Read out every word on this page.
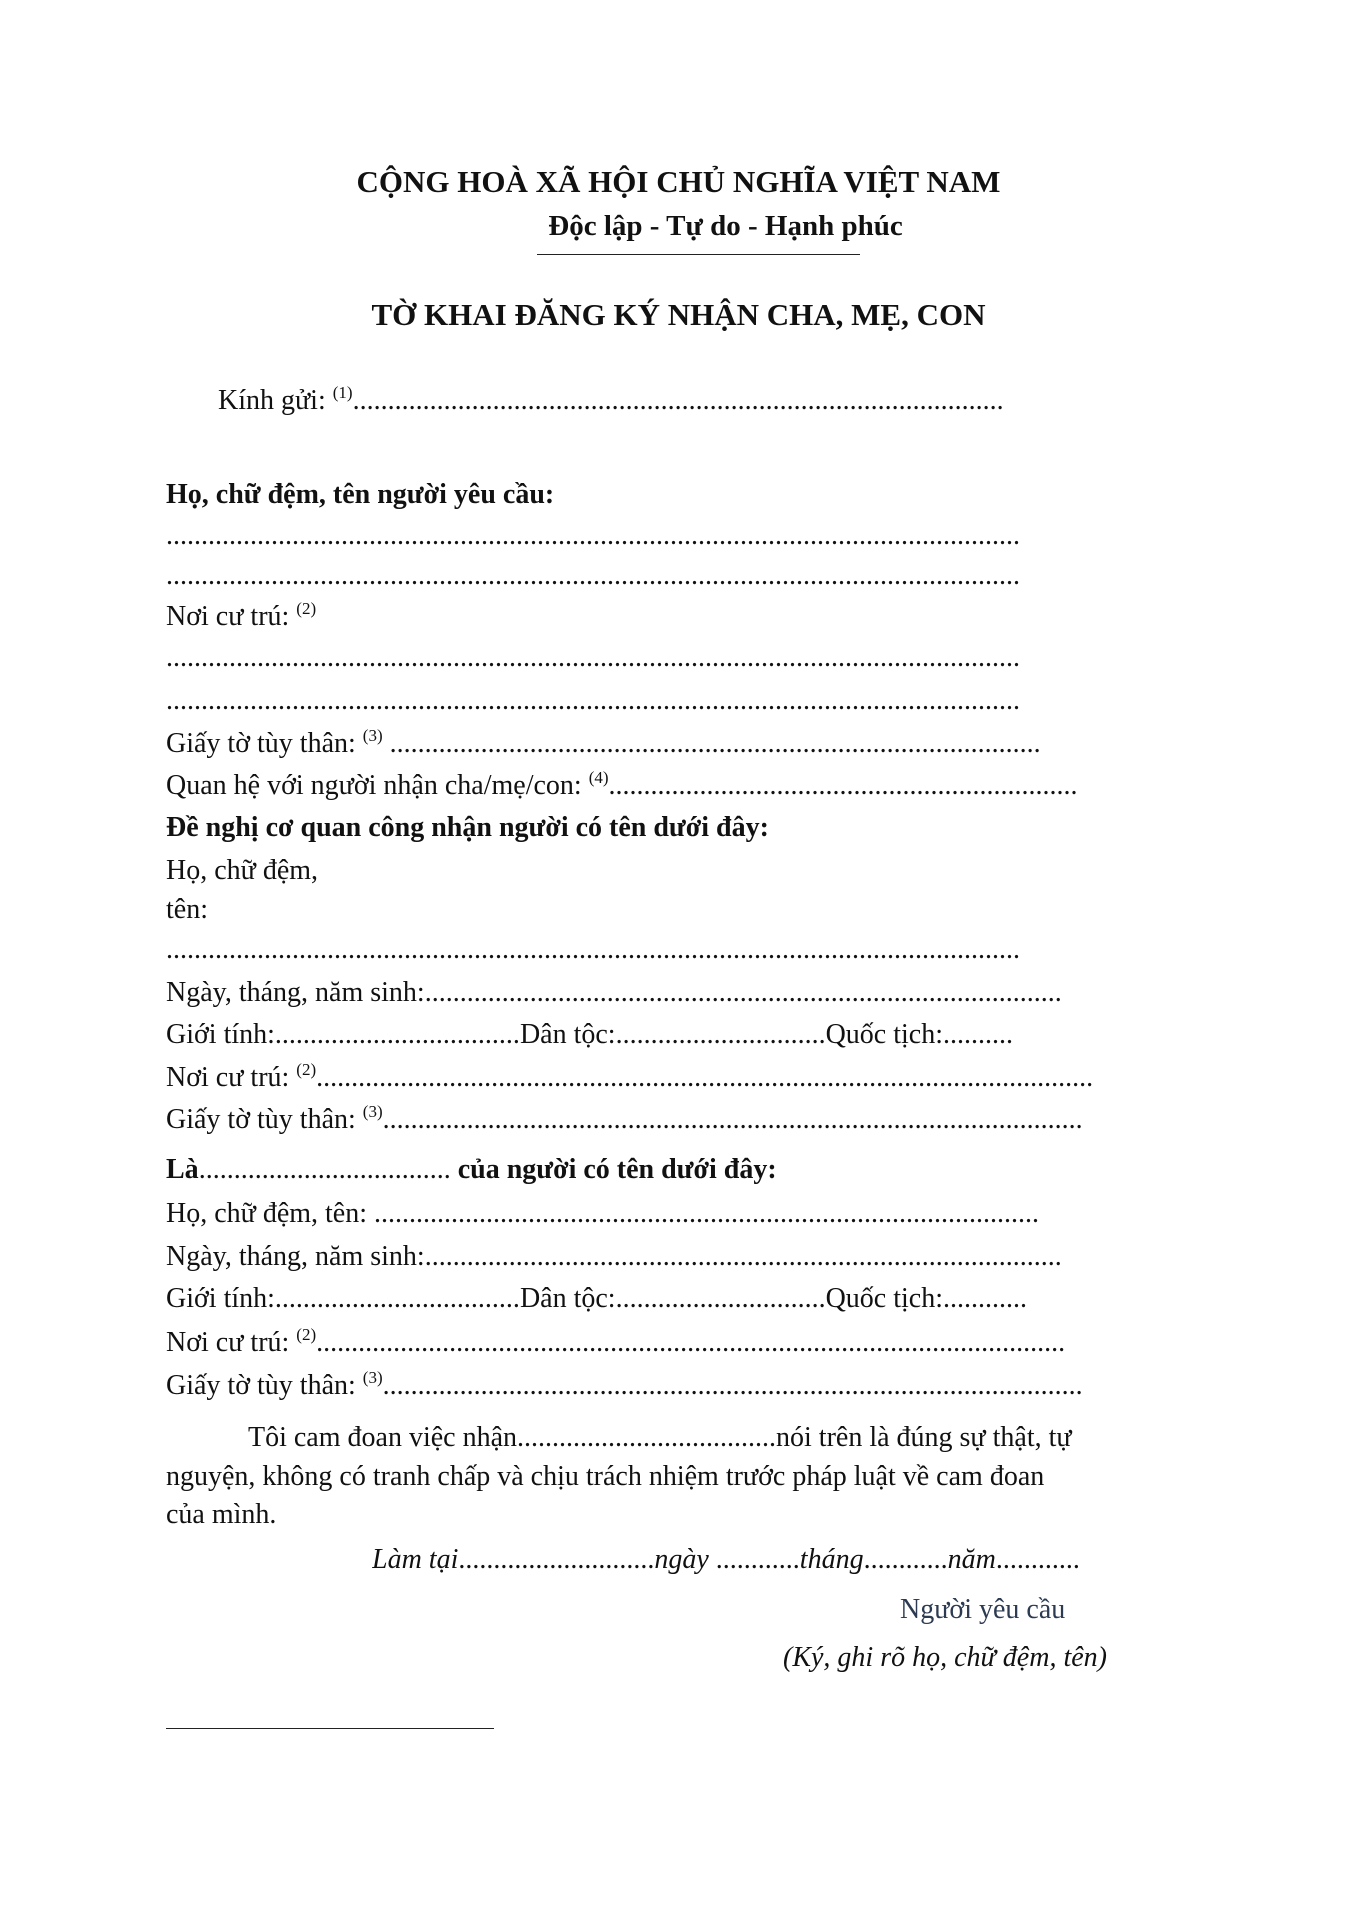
CỘNG HOÀ XÃ HỘI CHỦ NGHĨA VIỆT NAM
Độc lập - Tự do - Hạnh phúc
TỜ KHAI ĐĂNG KÝ NHẬN CHA, MẸ, CON
Kính gửi: $^{(1)}$.............................................................................................
Họ, chữ đệm, tên người yêu cầu:
..........................................................................................................................
..........................................................................................................................
Nơi cư trú: $^{(2)}$
..........................................................................................................................
..........................................................................................................................
Giấy tờ tùy thân: $^{(3)}$ .............................................................................................
Quan hệ với người nhận cha/mẹ/con: $^{(4)}$...................................................................
Đề nghị cơ quan công nhận người có tên dưới đây:
Họ, chữ đệm,
tên:
..........................................................................................................................
Ngày, tháng, năm sinh:...........................................................................................
Giới tính:...................................Dân tộc:..............................Quốc tịch:..........
Nơi cư trú: $^{(2)}$...............................................................................................................
Giấy tờ tùy thân: $^{(3)}$....................................................................................................
Là.................................... của người có tên dưới đây:
Họ, chữ đệm, tên: ...............................................................................................
Ngày, tháng, năm sinh:...........................................................................................
Giới tính:...................................Dân tộc:..............................Quốc tịch:............
Nơi cư trú: $^{(2)}$...........................................................................................................
Giấy tờ tùy thân: $^{(3)}$....................................................................................................
Tôi cam đoan việc nhận.....................................nói trên là đúng sự thật, tự
nguyện, không có tranh chấp và chịu trách nhiệm trước pháp luật về cam đoan
của mình.
Làm tại............................ngày ............tháng............năm............
Người yêu cầu
(Ký, ghi rõ họ, chữ đệm, tên)
